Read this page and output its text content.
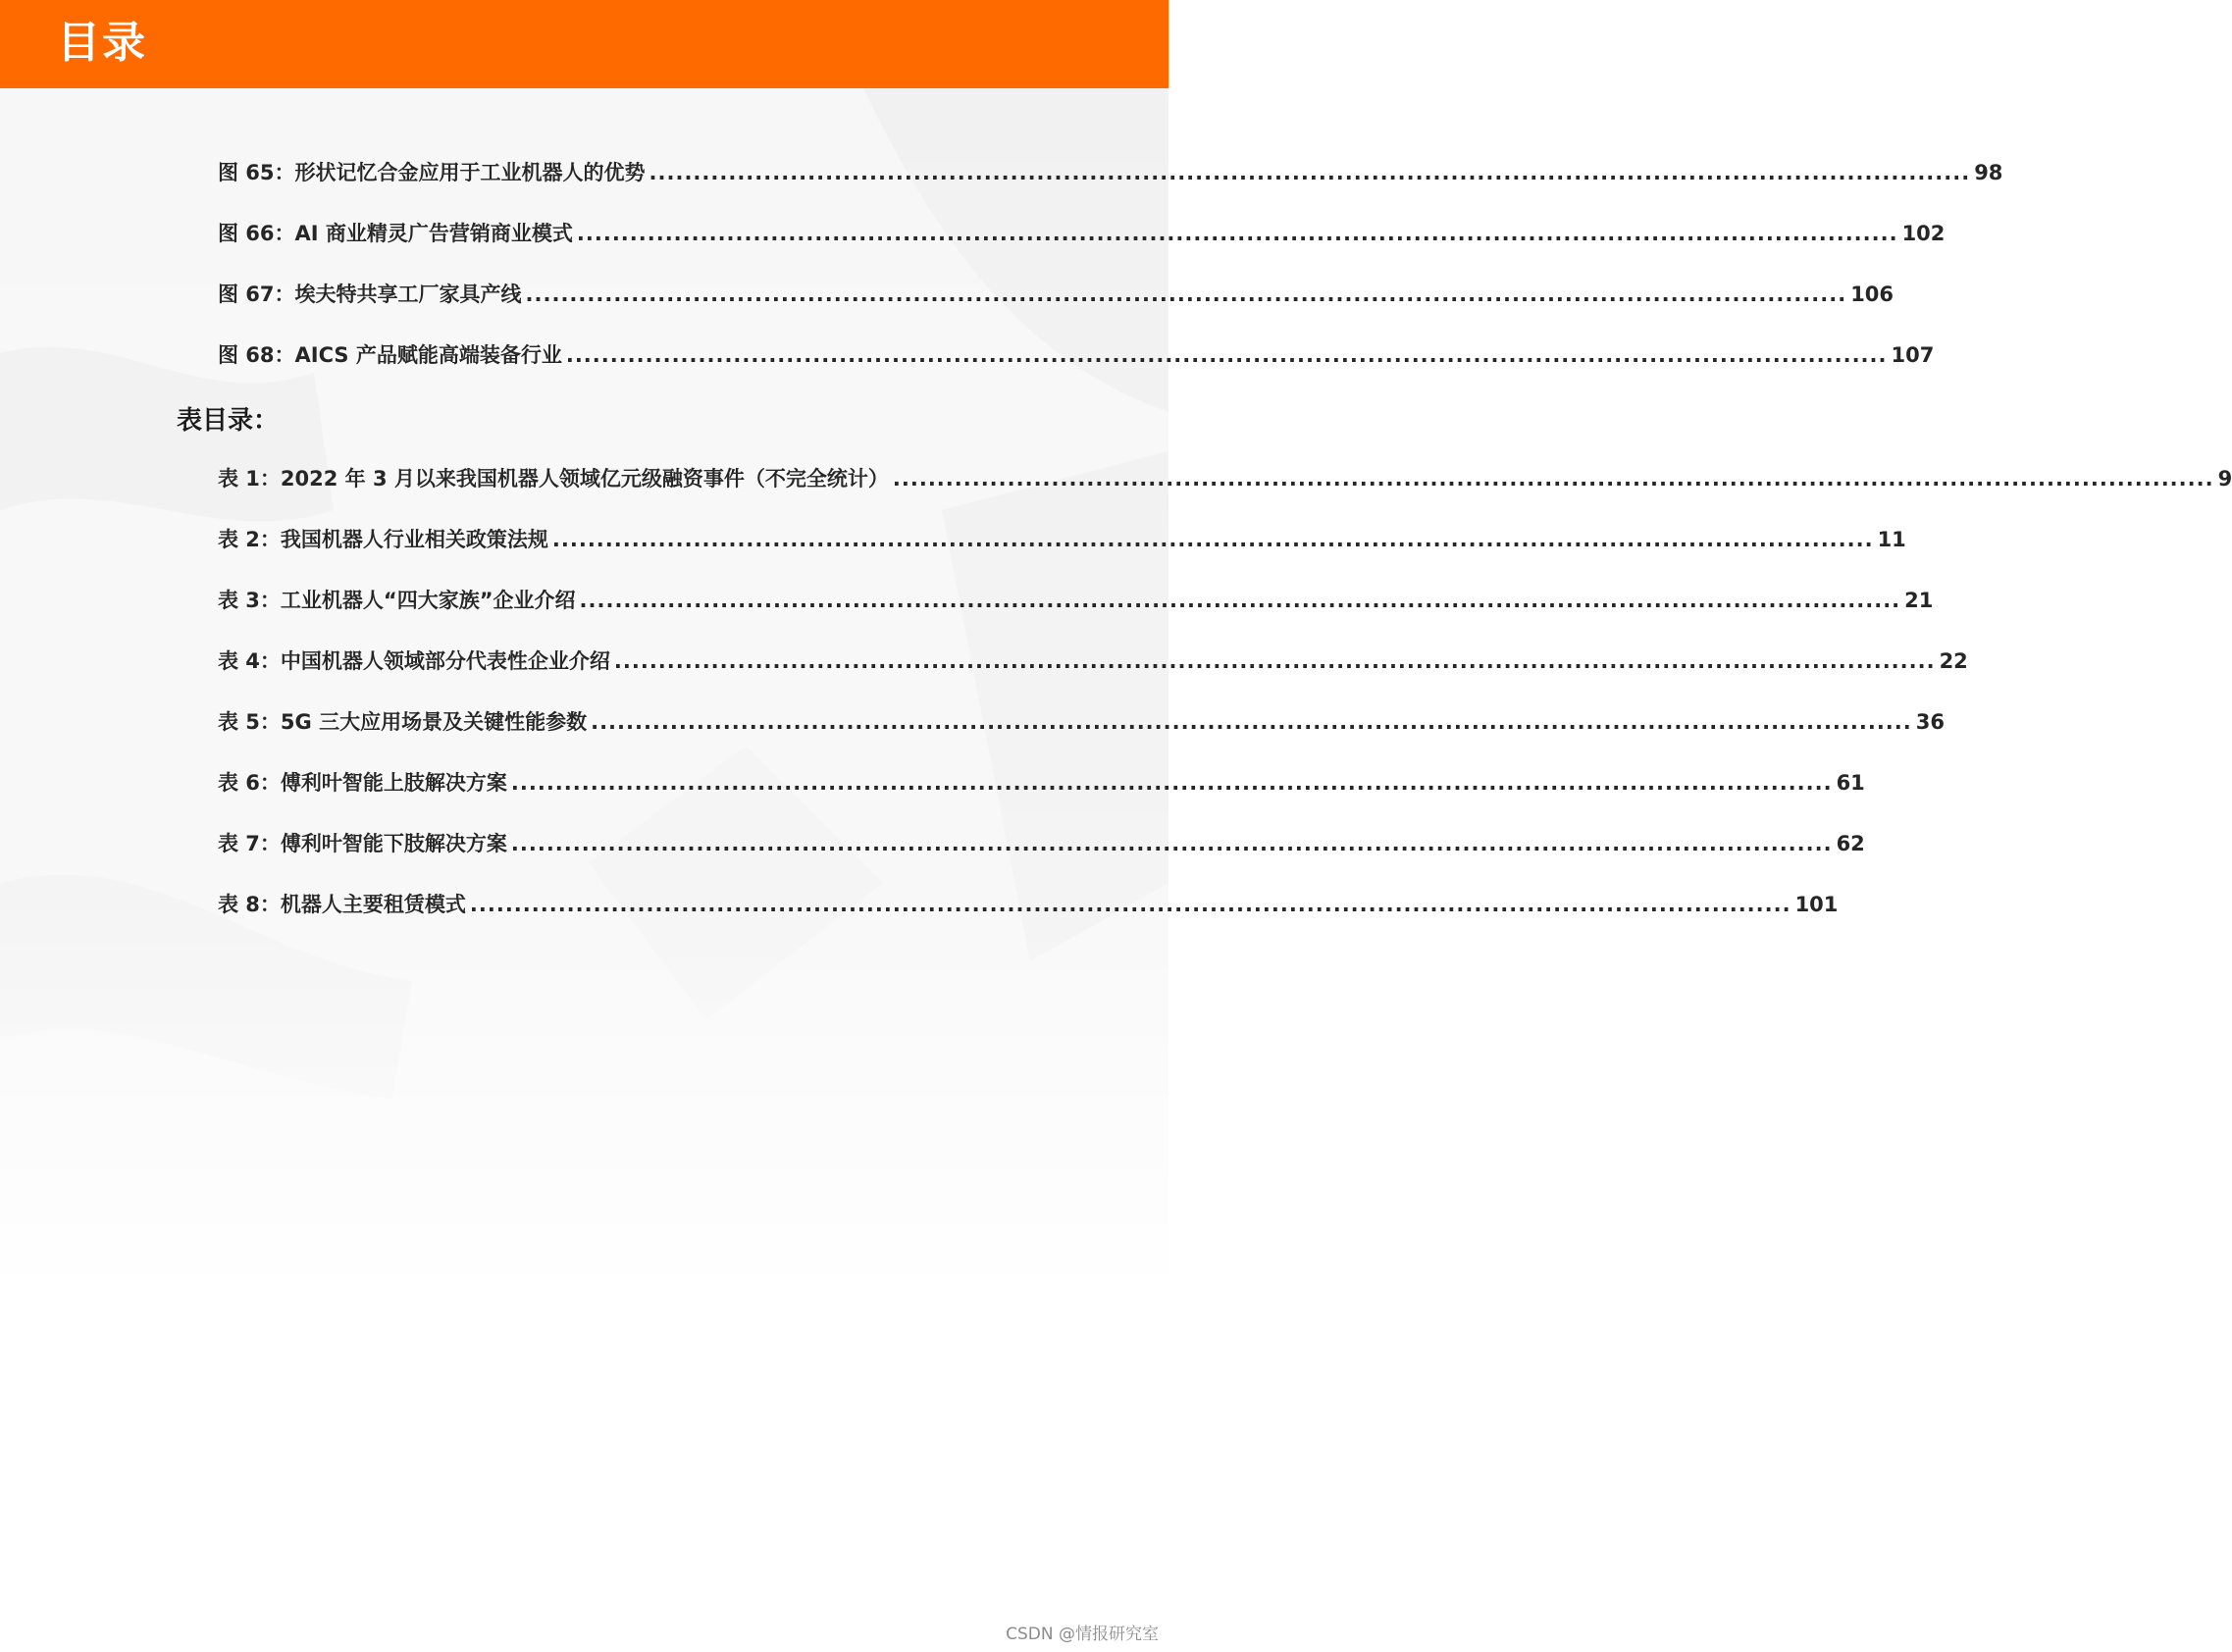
目录
图 65：形状记忆合金应用于工业机器人的优势 ...................................................................................................................................................... 98
图 66：AI 商业精灵广告营销商业模式 ...................................................................................................................................................... 102
图 67：埃夫特共享工厂家具产线 ...................................................................................................................................................... 106
图 68：AICS 产品赋能高端装备行业 ...................................................................................................................................................... 107
表目录：
表 1：2022 年 3 月以来我国机器人领域亿元级融资事件（不完全统计） ...................................................................................................................................................... 9
表 2：我国机器人行业相关政策法规 ...................................................................................................................................................... 11
表 3：工业机器人“四大家族”企业介绍 ...................................................................................................................................................... 21
表 4：中国机器人领域部分代表性企业介绍 ...................................................................................................................................................... 22
表 5：5G 三大应用场景及关键性能参数 ...................................................................................................................................................... 36
表 6：傅利叶智能上肢解决方案 ...................................................................................................................................................... 61
表 7：傅利叶智能下肢解决方案 ...................................................................................................................................................... 62
表 8：机器人主要租赁模式 ...................................................................................................................................................... 101
CSDN @情报研究室
